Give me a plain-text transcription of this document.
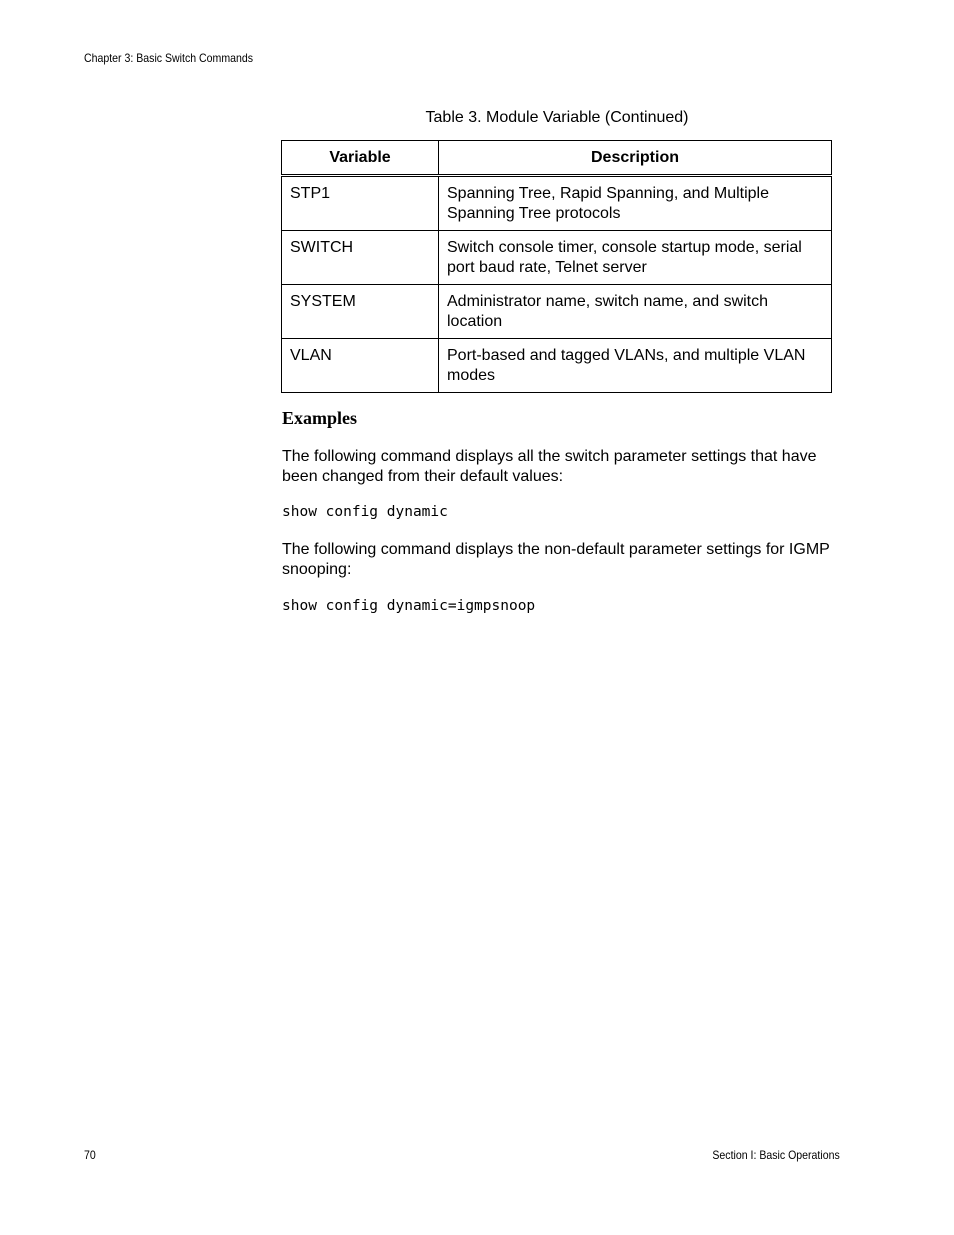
Chapter 3: Basic Switch Commands
Table 3. Module Variable (Continued)
Variable	Description
STP1	Spanning Tree, Rapid Spanning, and Multiple Spanning Tree protocols
SWITCH	Switch console timer, console startup mode, serial port baud rate, Telnet server
SYSTEM	Administrator name, switch name, and switch location
VLAN	Port-based and tagged VLANs, and multiple VLAN modes
Examples
The following command displays all the switch parameter settings that have been changed from their default values:
show config dynamic
The following command displays the non-default parameter settings for IGMP snooping:
show config dynamic=igmpsnoop
70	Section I: Basic Operations
